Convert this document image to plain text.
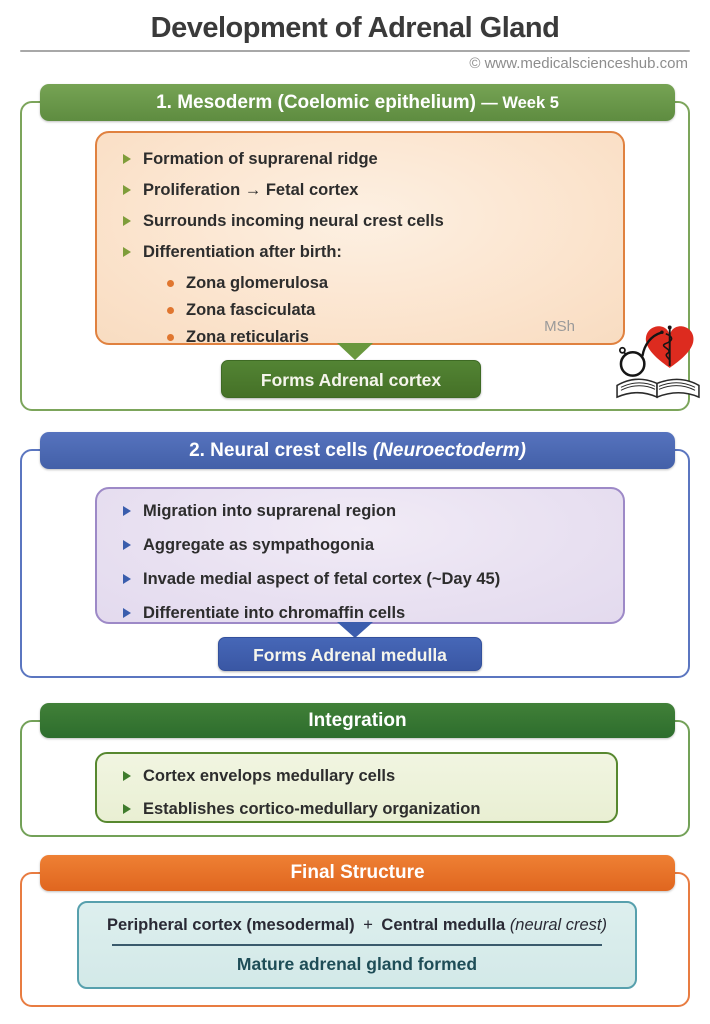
Development of Adrenal Gland
© www.medicalscienceshub.com
1. Mesoderm (Coelomic epithelium) — Week 5
Formation of suprarenal ridge
Proliferation → Fetal cortex
Surrounds incoming neural crest cells
Differentiation after birth:
Zona glomerulosa
Zona fasciculata
Zona reticularis
MSh
Forms Adrenal cortex
2. Neural crest cells (Neuroectoderm)
Migration into suprarenal region
Aggregate as sympathogonia
Invade medial aspect of fetal cortex (~Day 45)
Differentiate into chromaffin cells
Forms Adrenal medulla
Integration
Cortex envelops medullary cells
Establishes cortico-medullary organization
Final Structure
Peripheral cortex (mesodermal) + Central medulla (neural crest)
Mature adrenal gland formed
